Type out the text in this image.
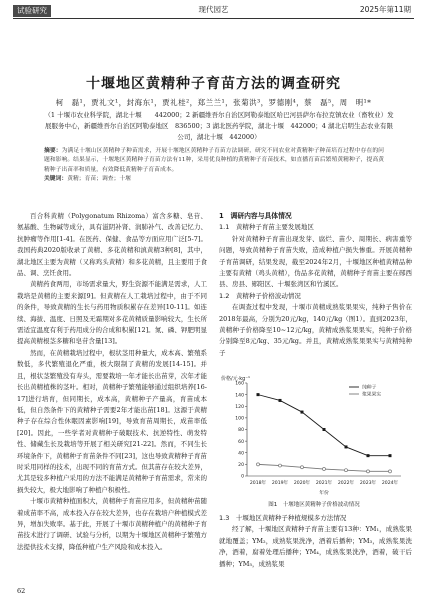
试验研究	现代园艺	2025年第11期
十堰地区黄精种子育苗方法的调查研究
柯　磊¹，贾礼文¹，封海东¹，贾礼桂²，郑兰兰¹，张菊洪³，罗德刚⁴，蔡　磊⁵，周　明¹*
（1 十堰市农业科学院，湖北十堰　　442000；2 新疆维吾尔自治区阿勒泰地区哈巴河县萨尔布拉克镇农业（畜牧业）发展服务中心，新疆维吾尔自治区阿勒泰地区　836500；3 湖北医药学院，湖北十堰　442000；4 湖北启明生态农业有限公司，湖北十堰　442000）
摘要：为满足十堰山区黄精种子种苗需求，开展十堰地区黄精种子育苗方法调研，研究不同农业对黄精种子种苗培育过程中存在的问题和影响。结果显示，十堰地区黄精种子育苗方法有11种，采用优良种植的黄精种子育苗技术，如直播育苗后繁殖黄精种子，提高黄精种子出苗率和质量，有效降低黄精种子育苗成本。
关键词：黄精；育苗；调查；十堰

百合科黄精（Polygonatum Rhizoma）富含多糖、皂苷、氨基酸、生物碱等成分，具有滋阴补肾、润肺补气、改善记忆力、抗肿瘤等作用[1-4]。在医药、保健、食品等方面应用广泛[5-7]。我国药典2020版收录了黄精、多花黄精和滇黄精3种[8]，其中，湖北地区主要为黄精（又称鸡头黄精）和多花黄精，且主要用于食品、调、烹饪食用。

黄精药食两用，市场需求量大，野生资源不能满足需求，人工栽培是黄精的主要来源[9]。但黄精在人工栽培过程中，由于不同的条件，导致黄精的生长与药用物质积累存在差异[10-11]。如连续、海拔、温度、日照及无霜期对多花黄精质量影响较大，生长所需适宜温度有利于药用成分的合成和积累[12]。氮、磷、钾肥明显提高黄精根茎多糖和皂苷含量[13]。

然而，在黄精栽培过程中，根状茎用种量大，成本高、繁殖系数低，多代繁殖退化严重，极大限制了黄精的发展[14-15]。并且，根状茎繁殖没有寿头，需要栽培一年才能长出苗芽，次年才能长出黄精植株的茎叶。相对，黄精种子繁殖能够通过组织培养[16-17]进行培育，但同期长，成本高，黄精种子产量高，育苗成本低，但自然条件下的黄精种子需要2年才能出苗[18]。这源于黄精种子存在综合性休眠因素影响[19]，导致育苗周期长，成苗率低[20]。因此，一些学者对黄精种子破眠技术、抗逆特性、萌发特性、储藏生长及栽培等开展了相关研究[21-22]。然而，不同生长环境条件下，黄精种子育苗条件不同[23]，这也导致黄精种子育苗时采用同样的技术，出现不同的育苗方式。但其苗存在较大差异，尤其是较多种植户采用的方法不能满足黄精种子育苗需求，常来的损失较大，极大地影响了种植户积极性。

十堰市黄精种植面积大，黄精种子育苗应用多，但黄精种苗随着成苗率不高，成本投入存在较大差异，也存在栽培户种植模式差异，增加失败率。基于此，开展了十堰市黄精种植户的黄精种子育苗技术进行了调研、试验与分析，以期为十堰地区黄精种子繁殖方法提供技术支撑，降低种植户生产风险和成本投入。

1　调研内容与具体情况
1.1　黄精种子育苗主要发展地区

针对黄精种子育苗出现发芽、腐烂、苗少、周期长、病害重等问题，导致黄精种子育苗失败，造成种植户损失惨重。开展黄精种子育苗调研，结果发现，截至2024年2月，十堰地区种植黄精品种主要有黄精（鸡头黄精），伪品多花黄精，黄精种子育苗主要在郧西县、房县、郧阳区、十堰张湾区和竹溪区。

1.2　黄精种子价格波动情况

在调查过程中发现，十堰市黄精成熟浆果果实，纯种子售价在2018年最高，分别为20元/kg，140元/kg（图1）。直到2023年，黄精种子价格降至10~12元/kg，黄精成熟浆果果实，纯种子价格分别降至8元/kg、35元/kg。并且，黄精成熟浆果果实与黄精纯种子

价格/元·kg⁻¹
0
20
40
60
80
100
120
140
160
2018年 2019年 2020年 2021年 2022年 2023年 2024年
纯种子
浆果果实
年份
图1　十堰地区黄精种子价格波动情况
1.3　十堰地区黄精种子种植规模多方法情况

经了解，十堰地区黄精种子育苗主要有13种：YM₁，成熟浆果就地覆盖；YM₂，成熟浆果洗净，酒着后播种；YM₃，成熟浆果洗净，酒着，腐着处理后播种；YM₄，成熟浆果洗净，酒着，破干后播种；YM₅，成熟浆果

62
